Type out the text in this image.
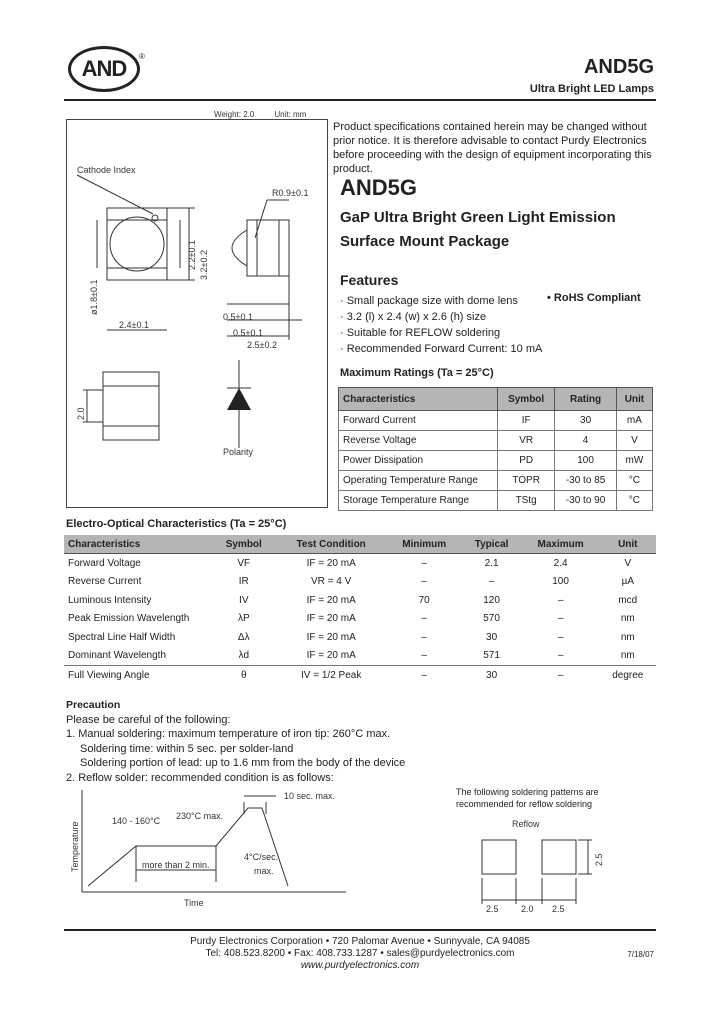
AND ®	AND5G
Ultra Bright LED Lamps
Weight: 2.0	Unit: mm
Cathode Index
R0.9±0.1
0.5±0.1
0.5±0.1
2.4±0.1
2.5±0.2
Polarity
2.2±0.1 3.2±0.2
ø1.8±0.1
2.0
Product specifications contained herein may be changed without prior notice. It is therefore advisable to contact Purdy Electronics before proceeding with the design of equipment incorporating this product.
AND5G
GaP Ultra Bright Green Light Emission Surface Mount Package
Features
· Small package size with dome lens
· 3.2 (l) x 2.4 (w) x 2.6 (h) size
· Suitable for REFLOW soldering
· Recommended Forward Current: 10 mA
• RoHS Compliant
Maximum Ratings (Ta = 25°C)
Characteristics	Symbol	Rating	Unit
Forward Current	IF	30	mA
Reverse Voltage	VR	4	V
Power Dissipation	PD	100	mW
Operating Temperature Range	TOPR	-30 to 85	°C
Storage Temperature Range	TStg	-30 to 90	°C
Electro-Optical Characteristics (Ta = 25°C)
Characteristics	Symbol	Test Condition	Minimum	Typical	Maximum	Unit
Forward Voltage	VF	IF = 20 mA	–	2.1	2.4	V
Reverse Current	IR	VR = 4 V	–	–	100	µA
Luminous Intensity	IV	IF = 20 mA	70	120	–	mcd
Peak Emission Wavelength	λP	IF = 20 mA	–	570	–	nm
Spectral Line Half Width	Δλ	IF = 20 mA	–	30	–	nm
Dominant Wavelength	λd	IF = 20 mA	–	571	–	nm
Full Viewing Angle	θ	IV = 1/2 Peak	–	30	–	degree
Precaution
Please be careful of the following:
1. Manual soldering: maximum temperature of iron tip: 260°C max.
Soldering time: within 5 sec. per solder-land
Soldering portion of lead: up to 1.6 mm from the body of the device
2. Reflow solder: recommended condition is as follows:
Temperature
Time
140 - 160°C 230°C max.
10 sec. max.
more than 2 min.
4°C/sec.
max.
The following soldering patterns are
recommended for reflow soldering
Reflow
2.5 2.0 2.5
2.5
Purdy Electronics Corporation • 720 Palomar Avenue • Sunnyvale, CA 94085
Tel: 408.523.8200 • Fax: 408.733.1287 • sales@purdyelectronics.com
www.purdyelectronics.com
7/18/07
